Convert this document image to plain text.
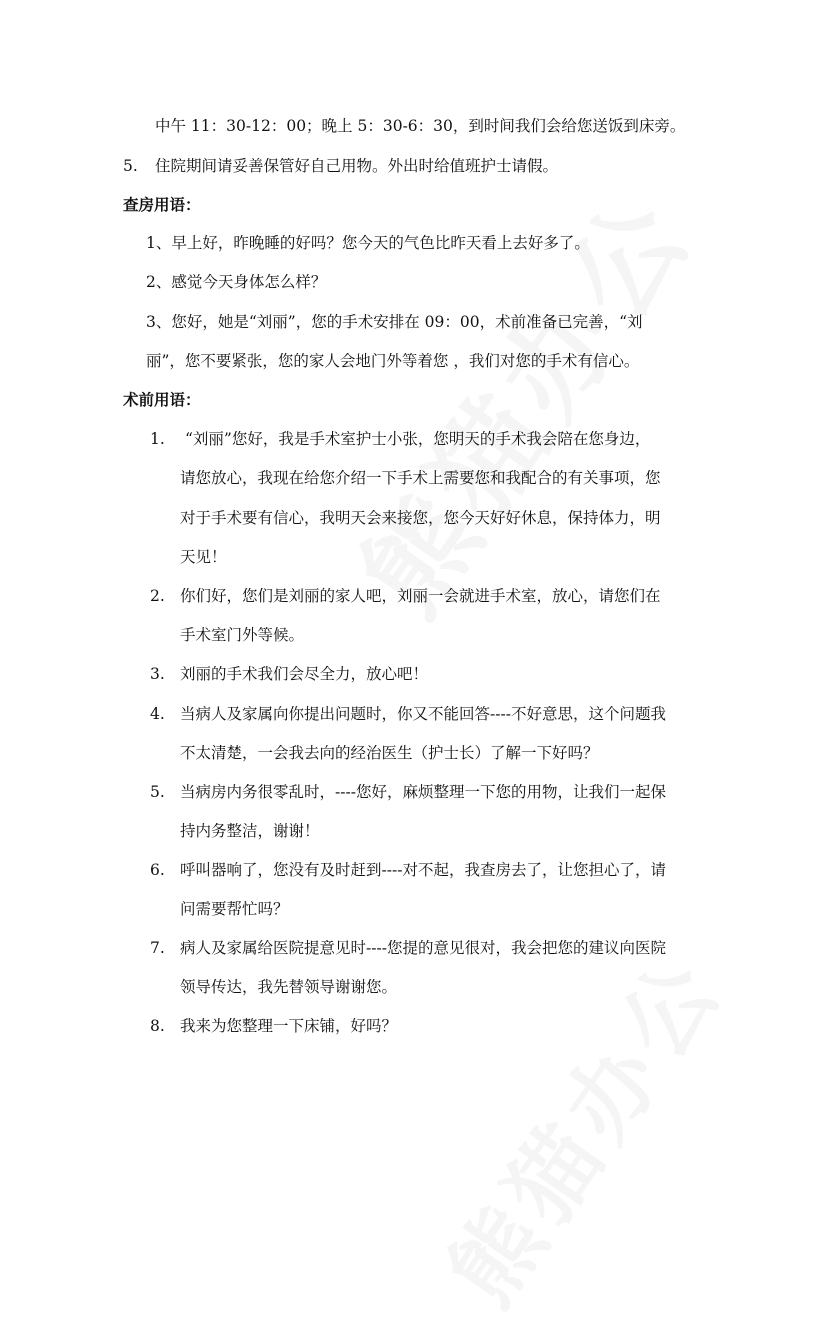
中午 11：30-12：00；晚上 5：30-6：30，到时间我们会给您送饭到床旁。
5. 住院期间请妥善保管好自己用物。外出时给值班护士请假。
查房用语：
1、早上好，昨晚睡的好吗？您今天的气色比昨天看上去好多了。
2、感觉今天身体怎么样？
3、您好，她是“刘丽”，您的手术安排在 09：00，术前准备已完善，“刘
丽”，您不要紧张，您的家人会地门外等着您 ，我们对您的手术有信心。
术前用语：
1. “刘丽”您好，我是手术室护士小张，您明天的手术我会陪在您身边，
请您放心，我现在给您介绍一下手术上需要您和我配合的有关事项，您
对于手术要有信心，我明天会来接您，您今天好好休息，保持体力，明
天见！
2. 你们好，您们是刘丽的家人吧，刘丽一会就进手术室，放心，请您们在
手术室门外等候。
3. 刘丽的手术我们会尽全力，放心吧！
4. 当病人及家属向你提出问题时，你又不能回答----不好意思，这个问题我
不太清楚，一会我去向的经治医生（护士长）了解一下好吗？
5. 当病房内务很零乱时，----您好，麻烦整理一下您的用物，让我们一起保
持内务整洁，谢谢！
6. 呼叫器响了，您没有及时赶到----对不起，我查房去了，让您担心了，请
问需要帮忙吗？
7. 病人及家属给医院提意见时----您提的意见很对，我会把您的建议向医院
领导传达，我先替领导谢谢您。
8. 我来为您整理一下床铺，好吗？
